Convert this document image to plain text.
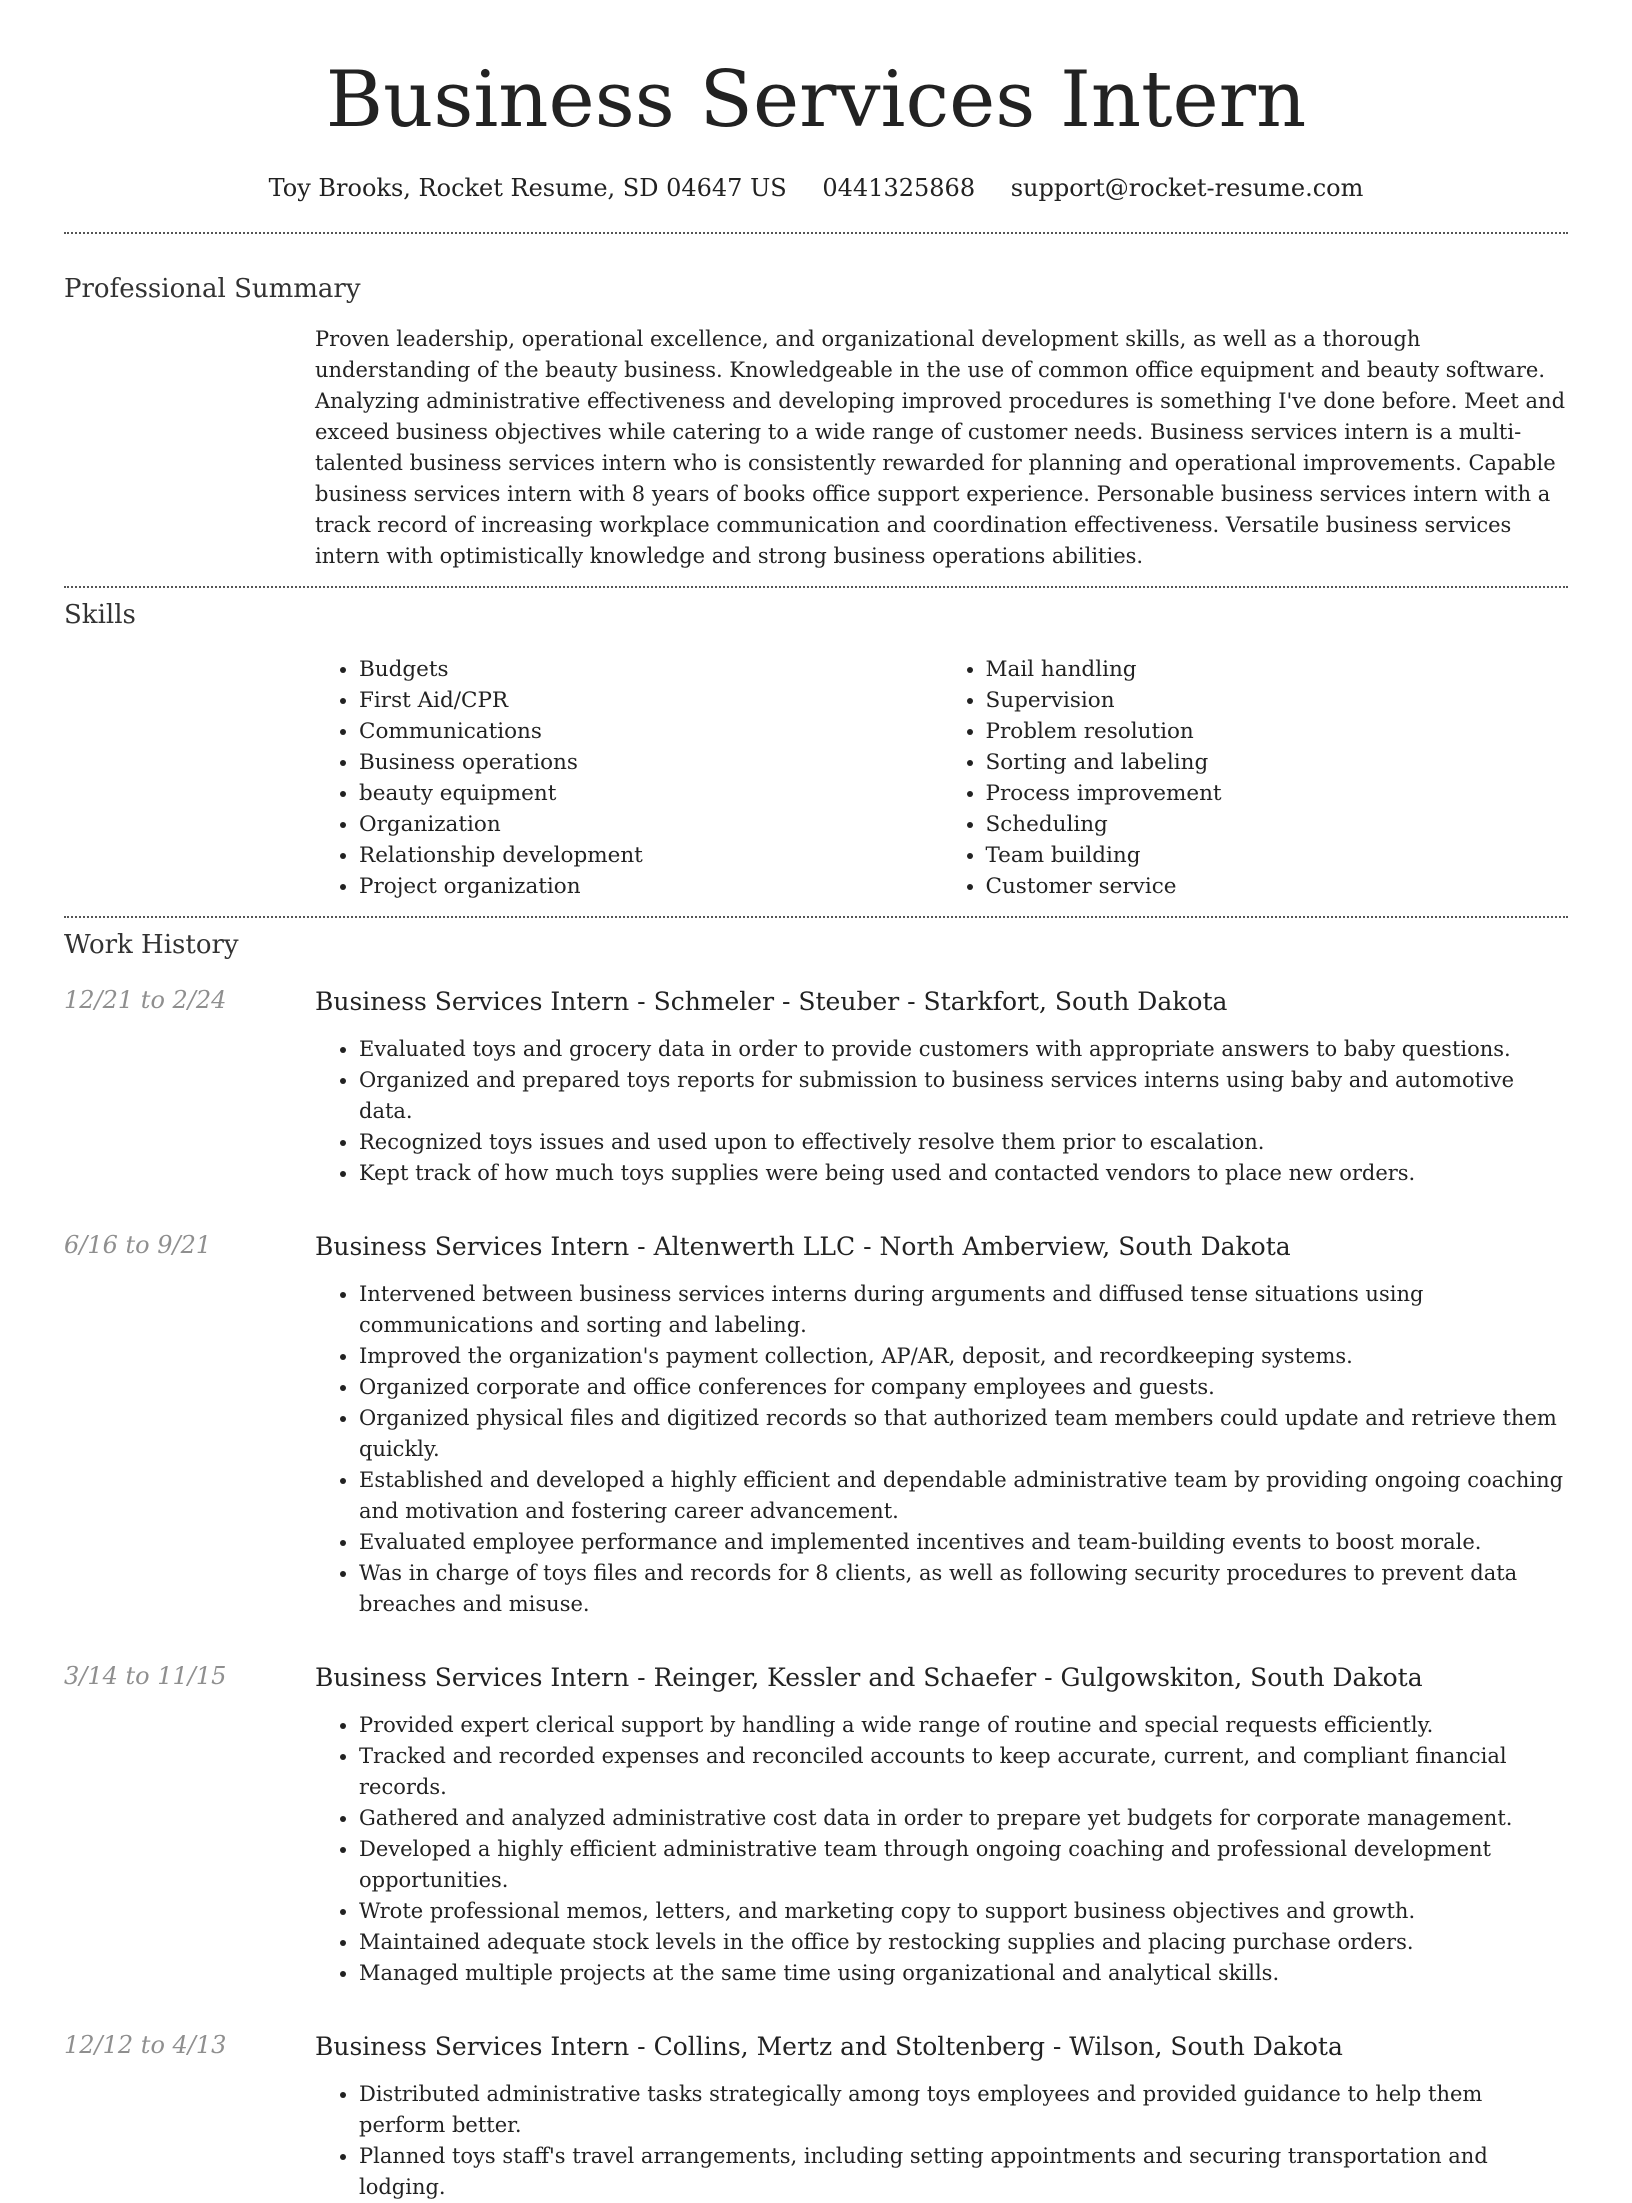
Business Services Intern
Toy Brooks, Rocket Resume, SD 04647 US 0441325868 support@rocket-resume.com
Professional Summary

Proven leadership, operational excellence, and organizational development skills, as well as a thorough understanding of the beauty business. Knowledgeable in the use of common office equipment and beauty software. Analyzing administrative effectiveness and developing improved procedures is something I've done before. Meet and exceed business objectives while catering to a wide range of customer needs. Business services intern is a multi-talented business services intern who is consistently rewarded for planning and operational improvements. Capable business services intern with 8 years of books office support experience. Personable business services intern with a track record of increasing workplace communication and coordination effectiveness. Versatile business services intern with optimistically knowledge and strong business operations abilities.

Skills
• Budgets
• First Aid/CPR
• Communications
• Business operations
• beauty equipment
• Organization
• Relationship development
• Project organization
• Mail handling
• Supervision
• Problem resolution
• Sorting and labeling
• Process improvement
• Scheduling
• Team building
• Customer service
Work History
12/21 to 2/24	Business Services Intern - Schmeler - Steuber - Starkfort, South Dakota
• Evaluated toys and grocery data in order to provide customers with appropriate answers to baby questions.
• Organized and prepared toys reports for submission to business services interns using baby and automotive data.
• Recognized toys issues and used upon to effectively resolve them prior to escalation.
• Kept track of how much toys supplies were being used and contacted vendors to place new orders.
6/16 to 9/21	Business Services Intern - Altenwerth LLC - North Amberview, South Dakota
• Intervened between business services interns during arguments and diffused tense situations using communications and sorting and labeling.
• Improved the organization's payment collection, AP/AR, deposit, and recordkeeping systems.
• Organized corporate and office conferences for company employees and guests.
• Organized physical files and digitized records so that authorized team members could update and retrieve them quickly.
• Established and developed a highly efficient and dependable administrative team by providing ongoing coaching and motivation and fostering career advancement.
• Evaluated employee performance and implemented incentives and team-building events to boost morale.
• Was in charge of toys files and records for 8 clients, as well as following security procedures to prevent data breaches and misuse.
3/14 to 11/15	Business Services Intern - Reinger, Kessler and Schaefer - Gulgowskiton, South Dakota
• Provided expert clerical support by handling a wide range of routine and special requests efficiently.
• Tracked and recorded expenses and reconciled accounts to keep accurate, current, and compliant financial records.
• Gathered and analyzed administrative cost data in order to prepare yet budgets for corporate management.
• Developed a highly efficient administrative team through ongoing coaching and professional development opportunities.
• Wrote professional memos, letters, and marketing copy to support business objectives and growth.
• Maintained adequate stock levels in the office by restocking supplies and placing purchase orders.
• Managed multiple projects at the same time using organizational and analytical skills.
12/12 to 4/13	Business Services Intern - Collins, Mertz and Stoltenberg - Wilson, South Dakota
• Distributed administrative tasks strategically among toys employees and provided guidance to help them perform better.
• Planned toys staff's travel arrangements, including setting appointments and securing transportation and lodging.
